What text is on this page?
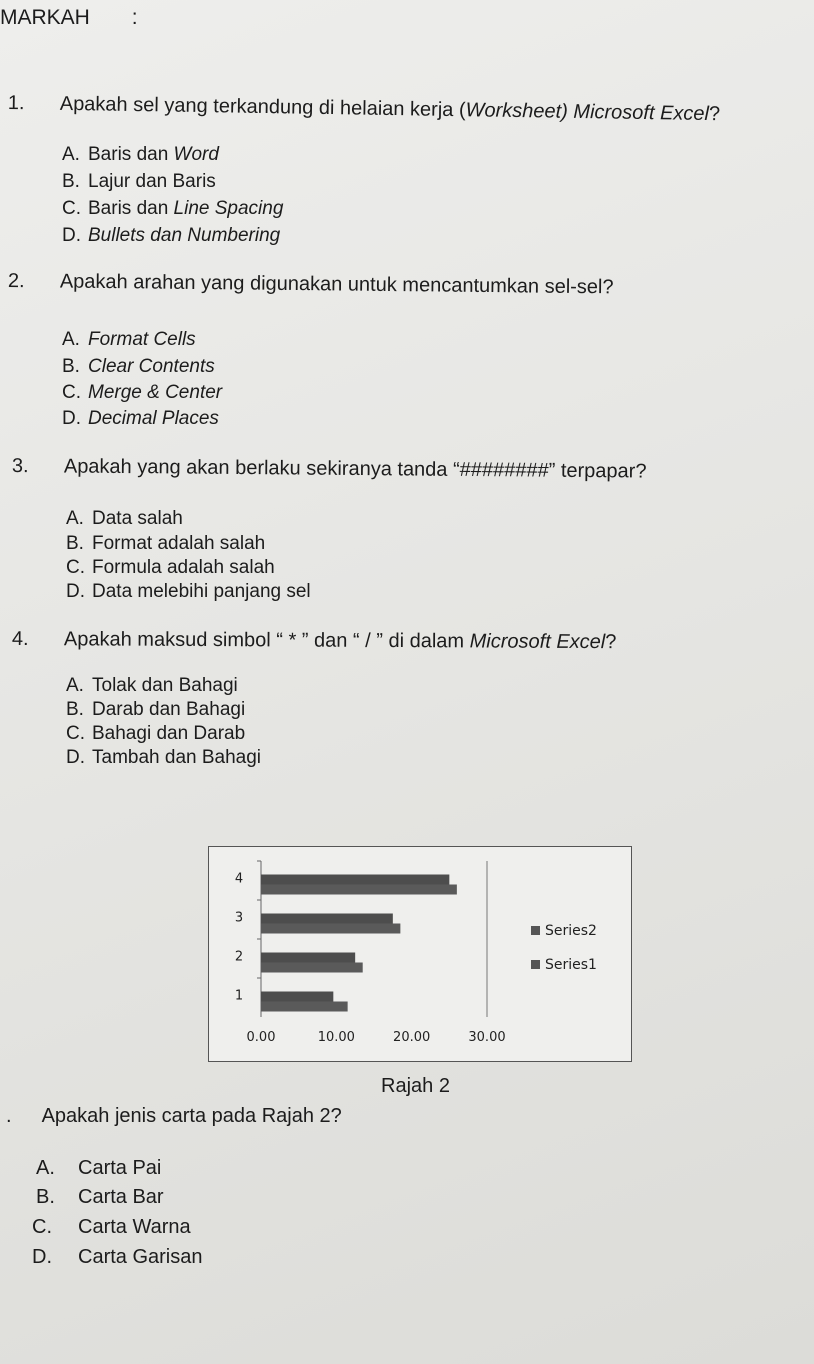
MARKAH :
1. Apakah sel yang terkandung di helaian kerja (Worksheet) Microsoft Excel?
A. Baris dan Word
B. Lajur dan Baris
C. Baris dan Line Spacing
D. Bullets dan Numbering
2. Apakah arahan yang digunakan untuk mencantumkan sel-sel?
A. Format Cells
B. Clear Contents
C. Merge & Center
D. Decimal Places
3. Apakah yang akan berlaku sekiranya tanda “########” terpapar?
A. Data salah
B. Format adalah salah
C. Formula adalah salah
D. Data melebihi panjang sel
4. Apakah maksud simbol “ * ” dan “ / ” di dalam Microsoft Excel?
A. Tolak dan Bahagi
B. Darab dan Bahagi
C. Bahagi dan Darab
D. Tambah dan Bahagi
1
2
3
4
0.00	10.00	20.00	30.00
Series2
Series1
Rajah 2
. Apakah jenis carta pada Rajah 2?
A. Carta Pai
B. Carta Bar
C. Carta Warna
D. Carta Garisan
